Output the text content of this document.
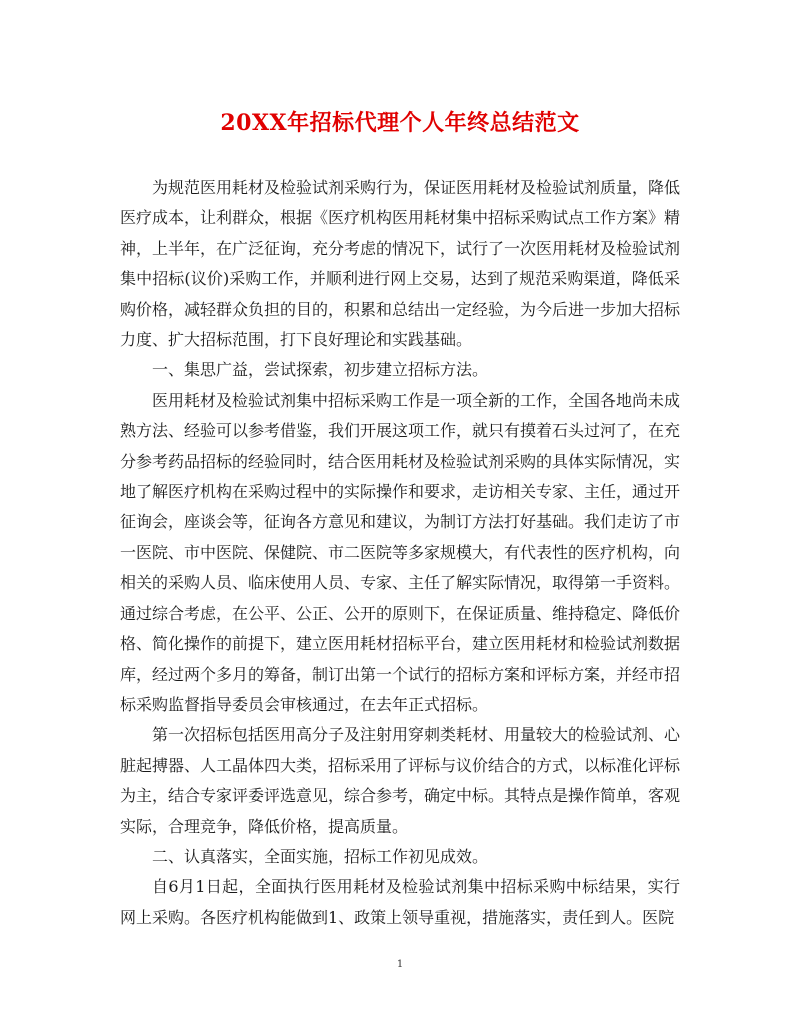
20XX年招标代理个人年终总结范文

为规范医用耗材及检验试剂采购行为，保证医用耗材及检验试剂质量，降低医疗成本，让利群众，根据《医疗机构医用耗材集中招标采购试点工作方案》精神，上半年，在广泛征询，充分考虑的情况下，试行了一次医用耗材及检验试剂集中招标(议价)采购工作，并顺利进行网上交易，达到了规范采购渠道，降低采购价格，减轻群众负担的目的，积累和总结出一定经验，为今后进一步加大招标力度、扩大招标范围，打下良好理论和实践基础。

一、集思广益，尝试探索，初步建立招标方法。

医用耗材及检验试剂集中招标采购工作是一项全新的工作，全国各地尚未成熟方法、经验可以参考借鉴，我们开展这项工作，就只有摸着石头过河了，在充分参考药品招标的经验同时，结合医用耗材及检验试剂采购的具体实际情况，实地了解医疗机构在采购过程中的实际操作和要求，走访相关专家、主任，通过开征询会，座谈会等，征询各方意见和建议，为制订方法打好基础。我们走访了市一医院、市中医院、保健院、市二医院等多家规模大，有代表性的医疗机构，向相关的采购人员、临床使用人员、专家、主任了解实际情况，取得第一手资料。通过综合考虑，在公平、公正、公开的原则下，在保证质量、维持稳定、降低价格、简化操作的前提下，建立医用耗材招标平台，建立医用耗材和检验试剂数据库，经过两个多月的筹备，制订出第一个试行的招标方案和评标方案，并经市招标采购监督指导委员会审核通过，在去年正式招标。

第一次招标包括医用高分子及注射用穿刺类耗材、用量较大的检验试剂、心脏起搏器、人工晶体四大类，招标采用了评标与议价结合的方式，以标准化评标为主，结合专家评委评选意见，综合参考，确定中标。其特点是操作简单，客观实际，合理竞争，降低价格，提高质量。

二、认真落实，全面实施，招标工作初见成效。

自6月1日起，全面执行医用耗材及检验试剂集中招标采购中标结果，实行网上采购。各医疗机构能做到1、政策上领导重视，措施落实，责任到人。医院

1
